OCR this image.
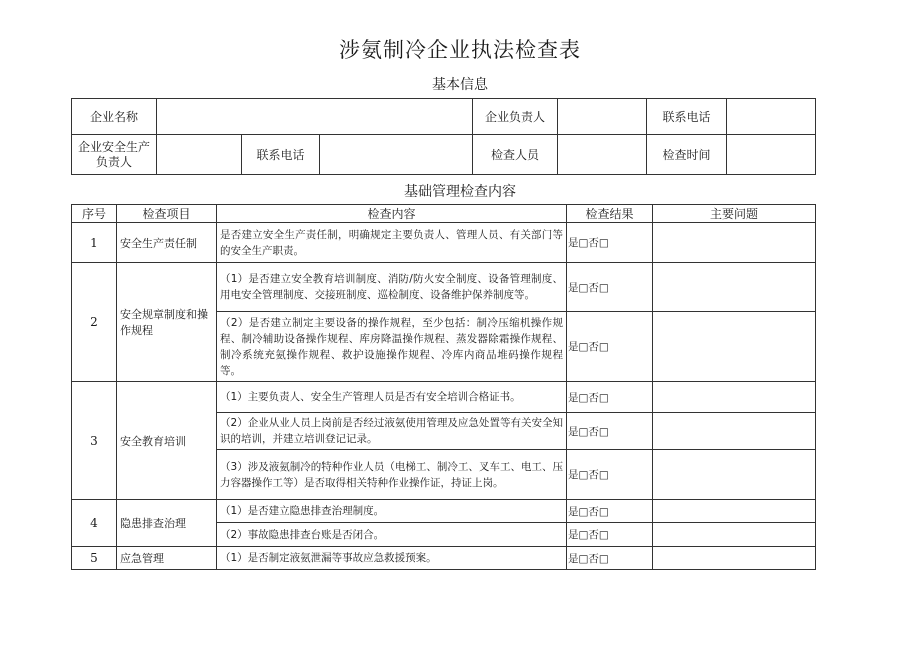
涉氨制冷企业执法检查表
基本信息
企业名称				企业负责人		联系电话	
企业安全生产负责人		联系电话		检查人员		检查时间	
基础管理检查内容
序号	检查项目	检查内容	检查结果	主要问题
1	安全生产责任制	是否建立安全生产责任制，明确规定主要负责人、管理人员、有关部门等的安全生产职责。	是□否□	
2	安全规章制度和操作规程	（1）是否建立安全教育培训制度、消防/防火安全制度、设备管理制度、用电安全管理制度、交接班制度、巡检制度、设备维护保养制度等。	是□否□	
		（2）是否建立制定主要设备的操作规程，至少包括：制冷压缩机操作规程、制冷辅助设备操作规程、库房降温操作规程、蒸发器除霜操作规程、制冷系统充氨操作规程、救护设施操作规程、冷库内商品堆码操作规程等。	是□否□	
3	安全教育培训	（1）主要负责人、安全生产管理人员是否有安全培训合格证书。	是□否□	
		（2）企业从业人员上岗前是否经过液氨使用管理及应急处置等有关安全知识的培训，并建立培训登记记录。	是□否□	
		（3）涉及液氨制冷的特种作业人员（电梯工、制冷工、叉车工、电工、压力容器操作工等）是否取得相关特种作业操作证，持证上岗。	是□否□	
4	隐患排查治理	（1）是否建立隐患排查治理制度。	是□否□	
		（2）事故隐患排查台账是否闭合。	是□否□	
5	应急管理	（1）是否制定液氨泄漏等事故应急救援预案。	是□否□	
